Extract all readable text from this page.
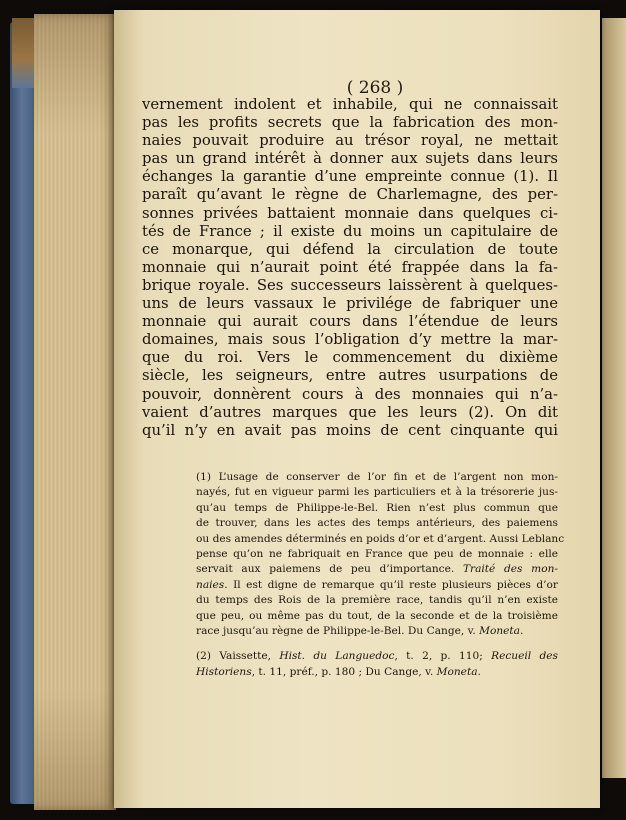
( 268 )
vernement indolent et inhabile, qui ne connaissait
pas les profits secrets que la fabrication des mon-
naies pouvait produire au trésor royal, ne mettait
pas un grand intérêt à donner aux sujets dans leurs
échanges la garantie d’une empreinte connue (1). Il
paraît qu’avant le règne de Charlemagne, des per-
sonnes privées battaient monnaie dans quelques ci-
tés de France ; il existe du moins un capitulaire de
ce monarque, qui défend la circulation de toute
monnaie qui n’aurait point été frappée dans la fa-
brique royale. Ses successeurs laissèrent à quelques-
uns de leurs vassaux le privilége de fabriquer une
monnaie qui aurait cours dans l’étendue de leurs
domaines, mais sous l’obligation d’y mettre la mar-
que du roi. Vers le commencement du dixième
siècle, les seigneurs, entre autres usurpations de
pouvoir, donnèrent cours à des monnaies qui n’a-
vaient d’autres marques que les leurs (2). On dit
qu’il n’y en avait pas moins de cent cinquante qui
(1) L’usage de conserver de l’or fin et de l’argent non mon-
nayés, fut en vigueur parmi les particuliers et à la trésorerie jus-
qu’au temps de Philippe-le-Bel. Rien n’est plus commun que
de trouver, dans les actes des temps antérieurs, des paiemens
ou des amendes déterminés en poids d’or et d’argent. Aussi Leblanc
pense qu’on ne fabriquait en France que peu de monnaie : elle
servait aux paiemens de peu d’importance. Traité des mon-
naies. Il est digne de remarque qu’il reste plusieurs pièces d’or
du temps des Rois de la première race, tandis qu’il n’en existe
que peu, ou même pas du tout, de la seconde et de la troisième
race jusqu’au règne de Philippe-le-Bel. Du Cange, v. Moneta.
(2) Vaissette, Hist. du Languedoc, t. 2, p. 110; Recueil des
Historiens, t. 11, préf., p. 180 ; Du Cange, v. Moneta.
